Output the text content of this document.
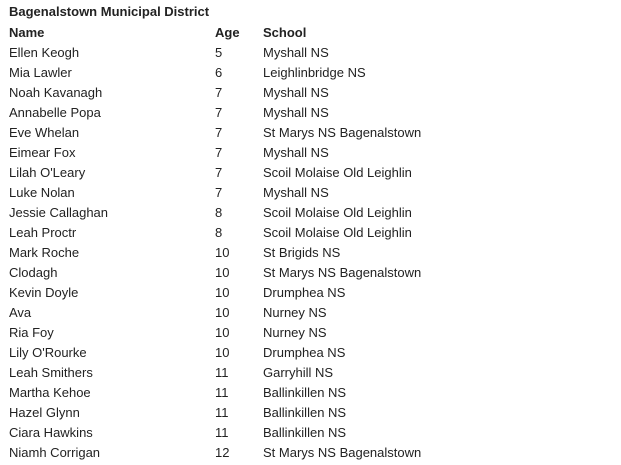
Bagenalstown Municipal District
Name	Age	School
Ellen Keogh	5	Myshall NS
Mia Lawler	6	Leighlinbridge NS
Noah Kavanagh	7	Myshall NS
Annabelle Popa	7	Myshall NS
Eve Whelan	7	St Marys NS Bagenalstown
Eimear Fox	7	Myshall NS
Lilah O'Leary	7	Scoil Molaise Old Leighlin
Luke Nolan	7	Myshall NS
Jessie Callaghan	8	Scoil Molaise Old Leighlin
Leah Proctr	8	Scoil Molaise Old Leighlin
Mark Roche	10	St Brigids NS
Clodagh	10	St Marys NS Bagenalstown
Kevin Doyle	10	Drumphea NS
Ava	10	Nurney NS
Ria Foy	10	Nurney NS
Lily O'Rourke	10	Drumphea NS
Leah Smithers	11	Garryhill NS
Martha Kehoe	11	Ballinkillen NS
Hazel Glynn	11	Ballinkillen NS
Ciara Hawkins	11	Ballinkillen NS
Niamh Corrigan	12	St Marys NS Bagenalstown
